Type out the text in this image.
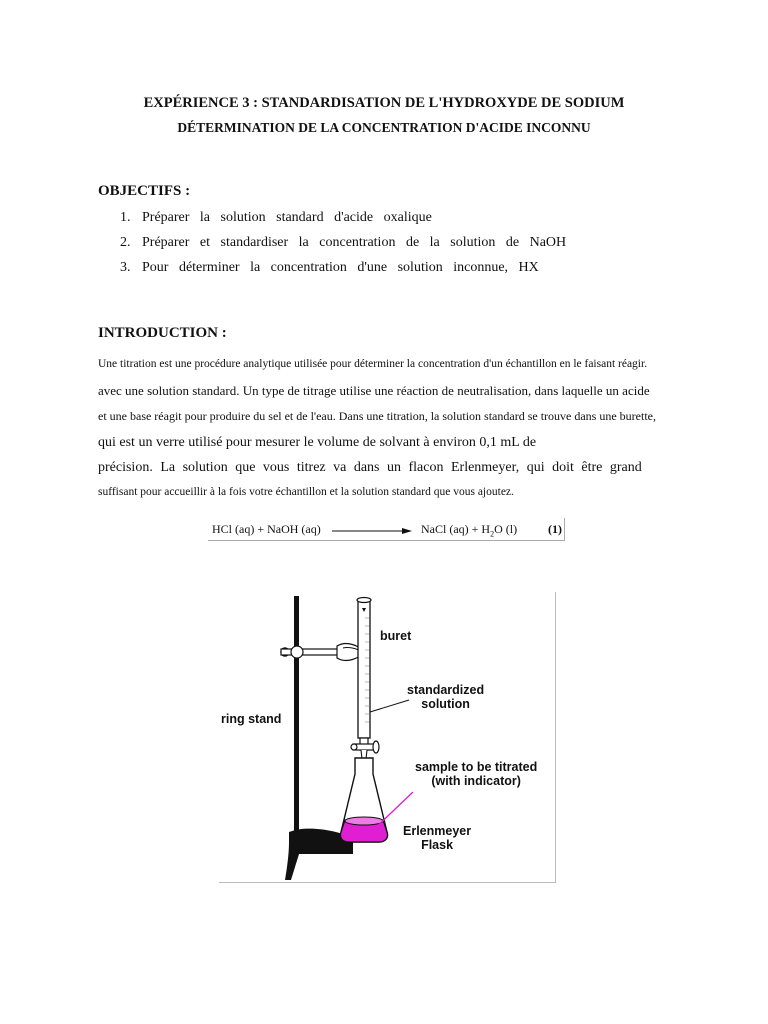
EXPÉRIENCE 3 : STANDARDISATION DE L'HYDROXYDE DE SODIUM
DÉTERMINATION DE LA CONCENTRATION D'ACIDE INCONNU
OBJECTIFS :
1. Préparer la solution standard d'acide oxalique
2. Préparer et standardiser la concentration de la solution de NaOH
3. Pour déterminer la concentration d'une solution inconnue, HX
INTRODUCTION :
Une titration est une procédure analytique utilisée pour déterminer la concentration d'un échantillon en le faisant réagir.
avec une solution standard. Un type de titrage utilise une réaction de neutralisation, dans laquelle un acide
et une base réagit pour produire du sel et de l'eau. Dans une titration, la solution standard se trouve dans une burette,
qui est un verre utilisé pour mesurer le volume de solvant à environ 0,1 mL de
précision. La solution que vous titrez va dans un flacon Erlenmeyer, qui doit être grand
suffisant pour accueillir à la fois votre échantillon et la solution standard que vous ajoutez.
HCl (aq) + NaOH (aq)	NaCl $(aq) + H_2O$ (l)	(1)
buret
standardized
solution
ring stand
sample to be titrated
(with indicator)
Erlenmeyer
Flask
